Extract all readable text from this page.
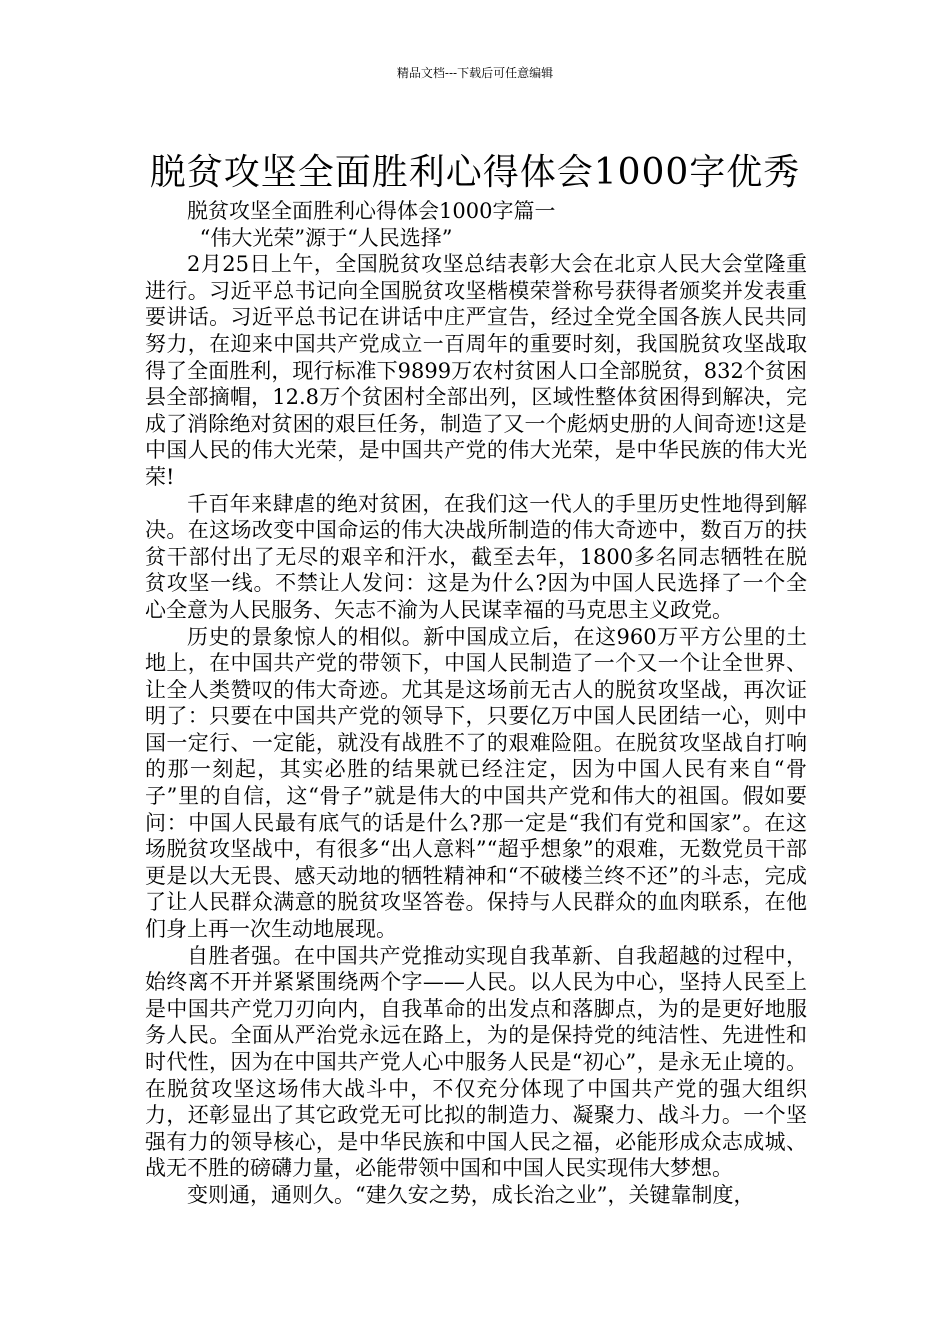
精品文档---下载后可任意编辑
脱贫攻坚全面胜利心得体会1000字优秀

脱贫攻坚全面胜利心得体会1000字篇一

“伟大光荣”源于“人民选择”

2月25日上午，全国脱贫攻坚总结表彰大会在北京人民大会堂隆重进行。习近平总书记向全国脱贫攻坚楷模荣誉称号获得者颁奖并发表重要讲话。习近平总书记在讲话中庄严宣告，经过全党全国各族人民共同努力，在迎来中国共产党成立一百周年的重要时刻，我国脱贫攻坚战取得了全面胜利，现行标准下9899万农村贫困人口全部脱贫，832个贫困县全部摘帽，12.8万个贫困村全部出列，区域性整体贫困得到解决，完成了消除绝对贫困的艰巨任务，制造了又一个彪炳史册的人间奇迹!这是中国人民的伟大光荣，是中国共产党的伟大光荣，是中华民族的伟大光荣!

千百年来肆虐的绝对贫困，在我们这一代人的手里历史性地得到解决。在这场改变中国命运的伟大决战所制造的伟大奇迹中，数百万的扶贫干部付出了无尽的艰辛和汗水，截至去年，1800多名同志牺牲在脱贫攻坚一线。不禁让人发问：这是为什么?因为中国人民选择了一个全心全意为人民服务、矢志不渝为人民谋幸福的马克思主义政党。

历史的景象惊人的相似。新中国成立后，在这960万平方公里的土地上，在中国共产党的带领下，中国人民制造了一个又一个让全世界、让全人类赞叹的伟大奇迹。尤其是这场前无古人的脱贫攻坚战，再次证明了：只要在中国共产党的领导下，只要亿万中国人民团结一心，则中国一定行、一定能，就没有战胜不了的艰难险阻。在脱贫攻坚战自打响的那一刻起，其实必胜的结果就已经注定，因为中国人民有来自“骨子”里的自信，这“骨子”就是伟大的中国共产党和伟大的祖国。假如要问：中国人民最有底气的话是什么?那一定是“我们有党和国家”。在这场脱贫攻坚战中，有很多“出人意料”“超乎想象”的艰难，无数党员干部更是以大无畏、感天动地的牺牲精神和“不破楼兰终不还”的斗志，完成了让人民群众满意的脱贫攻坚答卷。保持与人民群众的血肉联系，在他们身上再一次生动地展现。

自胜者强。在中国共产党推动实现自我革新、自我超越的过程中，始终离不开并紧紧围绕两个字——人民。以人民为中心，坚持人民至上是中国共产党刀刃向内，自我革命的出发点和落脚点，为的是更好地服务人民。全面从严治党永远在路上，为的是保持党的纯洁性、先进性和时代性，因为在中国共产党人心中服务人民是“初心”，是永无止境的。在脱贫攻坚这场伟大战斗中，不仅充分体现了中国共产党的强大组织力，还彰显出了其它政党无可比拟的制造力、凝聚力、战斗力。一个坚强有力的领导核心，是中华民族和中国人民之福，必能形成众志成城、战无不胜的磅礴力量，必能带领中国和中国人民实现伟大梦想。

变则通，通则久。“建久安之势，成长治之业”，关键靠制度，
